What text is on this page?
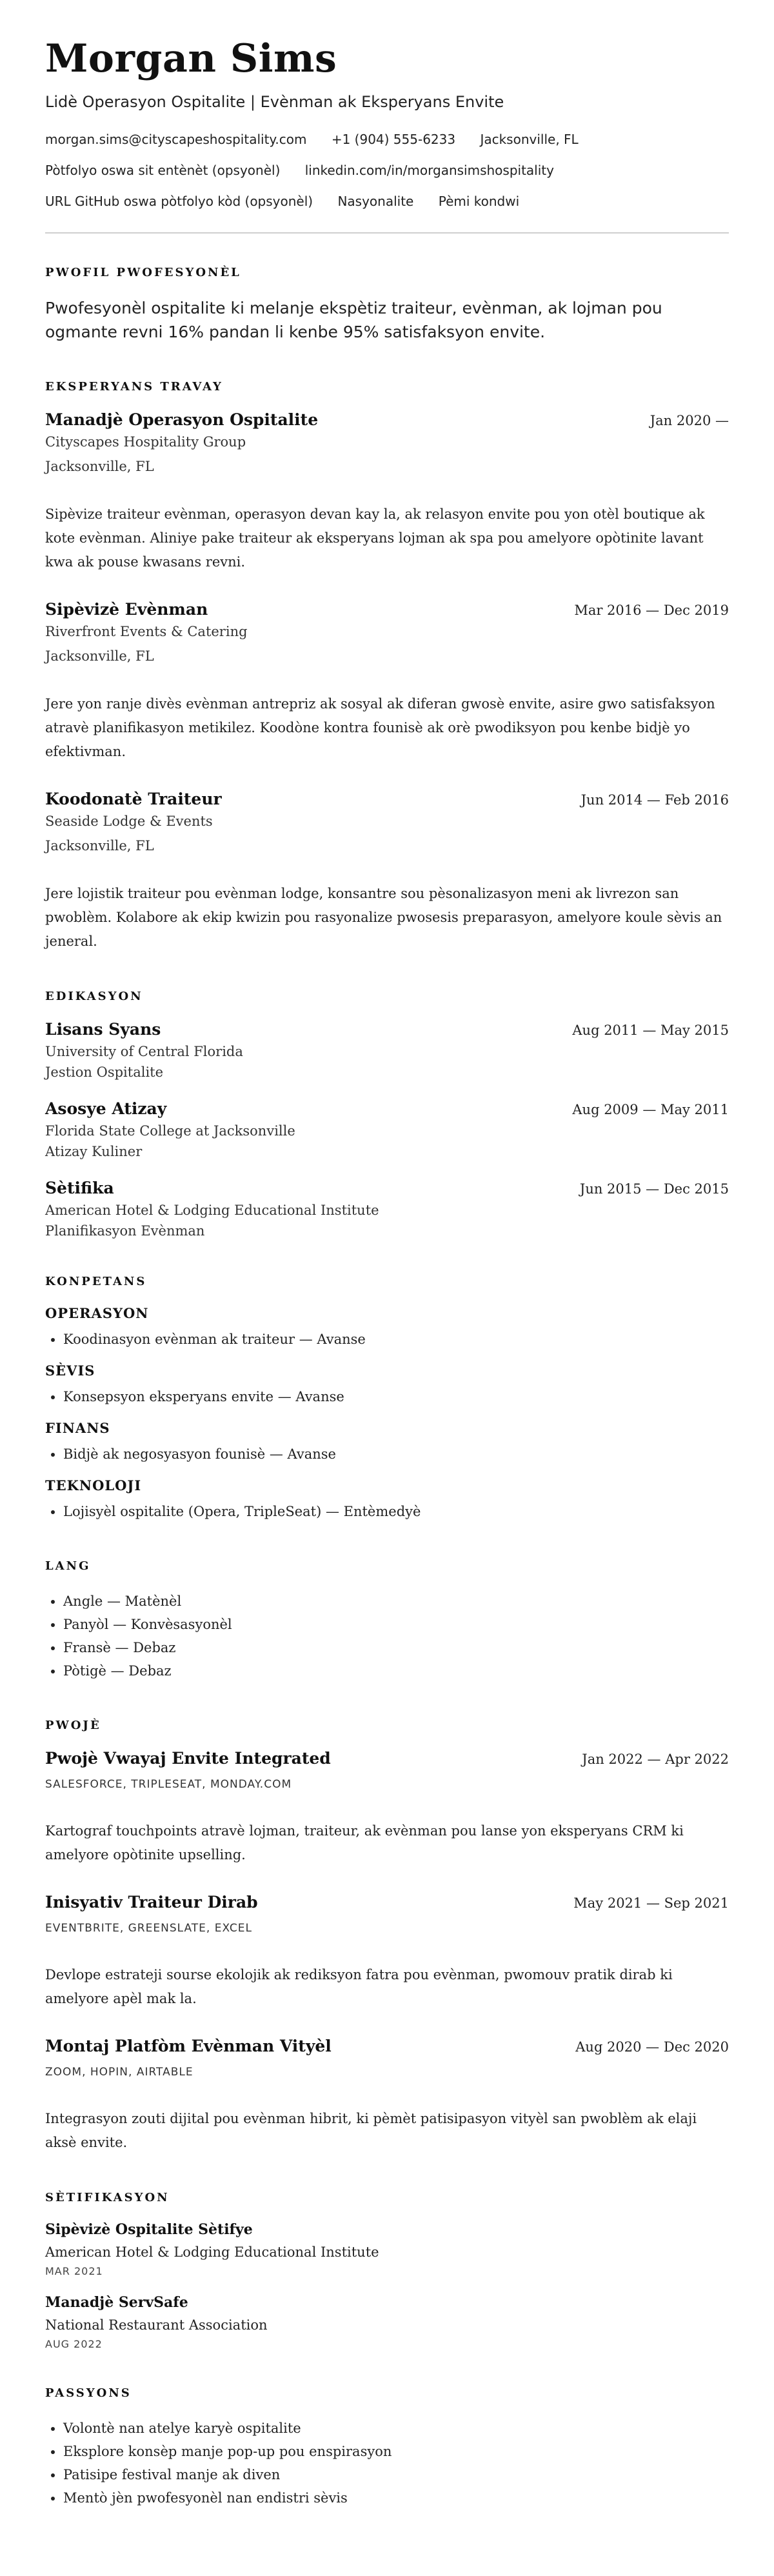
Morgan Sims
Lidè Operasyon Ospitalite | Evènman ak Eksperyans Envite
morgan.sims@cityscapeshospitality.com +1 (904) 555-6233 Jacksonville, FL
Pòtfolyo oswa sit entènèt (opsyonèl) linkedin.com/in/morgansimshospitality
URL GitHub oswa pòtfolyo kòd (opsyonèl) Nasyonalite Pèmi kondwi
PWOFIL PWOFESYONÈL
Pwofesyonèl ospitalite ki melanje ekspètiz traiteur, evènman, ak lojman pou ogmante revni 16% pandan li kenbe 95% satisfaksyon envite.
EKSPERYANS TRAVAY
Manadjè Operasyon Ospitalite	Jan 2020 —
Cityscapes Hospitality Group
Jacksonville, FL
Sipèvize traiteur evènman, operasyon devan kay la, ak relasyon envite pou yon otèl boutique ak kote evènman. Aliniye pake traiteur ak eksperyans lojman ak spa pou amelyore opòtinite lavant kwa ak pouse kwasans revni.
Sipèvizè Evènman	Mar 2016 — Dec 2019
Riverfront Events & Catering
Jacksonville, FL
Jere yon ranje divès evènman antrepriz ak sosyal ak diferan gwosè envite, asire gwo satisfaksyon atravè planifikasyon metikilez. Koodòne kontra founisè ak orè pwodiksyon pou kenbe bidjè yo efektivman.
Koodonatè Traiteur	Jun 2014 — Feb 2016
Seaside Lodge & Events
Jacksonville, FL
Jere lojistik traiteur pou evènman lodge, konsantre sou pèsonalizasyon meni ak livrezon san pwoblèm. Kolabore ak ekip kwizin pou rasyonalize pwosesis preparasyon, amelyore koule sèvis an jeneral.
EDIKASYON
Lisans Syans	Aug 2011 — May 2015
University of Central Florida
Jestion Ospitalite
Asosye Atizay	Aug 2009 — May 2011
Florida State College at Jacksonville
Atizay Kuliner
Sètifika	Jun 2015 — Dec 2015
American Hotel & Lodging Educational Institute
Planifikasyon Evènman
KONPETANS
OPERASYON
• Koodinasyon evènman ak traiteur — Avanse
SÈVIS
• Konsepsyon eksperyans envite — Avanse
FINANS
• Bidjè ak negosyasyon founisè — Avanse
TEKNOLOJI
• Lojisyèl ospitalite (Opera, TripleSeat) — Entèmedyè
LANG
• Angle — Matènèl
• Panyòl — Konvèsasyonèl
• Fransè — Debaz
• Pòtigè — Debaz
PWOJÈ
Pwojè Vwayaj Envite Integrated	Jan 2022 — Apr 2022
SALESFORCE, TRIPLESEAT, MONDAY.COM
Kartograf touchpoints atravè lojman, traiteur, ak evènman pou lanse yon eksperyans CRM ki amelyore opòtinite upselling.
Inisyativ Traiteur Dirab	May 2021 — Sep 2021
EVENTBRITE, GREENSLATE, EXCEL
Devlope estrateji sourse ekolojik ak rediksyon fatra pou evènman, pwomouv pratik dirab ki amelyore apèl mak la.
Montaj Platfòm Evènman Vityèl	Aug 2020 — Dec 2020
ZOOM, HOPIN, AIRTABLE
Integrasyon zouti dijital pou evènman hibrit, ki pèmèt patisipasyon vityèl san pwoblèm ak elaji aksè envite.
SÈTIFIKASYON
Sipèvizè Ospitalite Sètifye
American Hotel & Lodging Educational Institute
MAR 2021
Manadjè ServSafe
National Restaurant Association
AUG 2022
PASSYONS
• Volontè nan atelye karyè ospitalite
• Eksplore konsèp manje pop-up pou enspirasyon
• Patisipe festival manje ak diven
• Mentò jèn pwofesyonèl nan endistri sèvis
